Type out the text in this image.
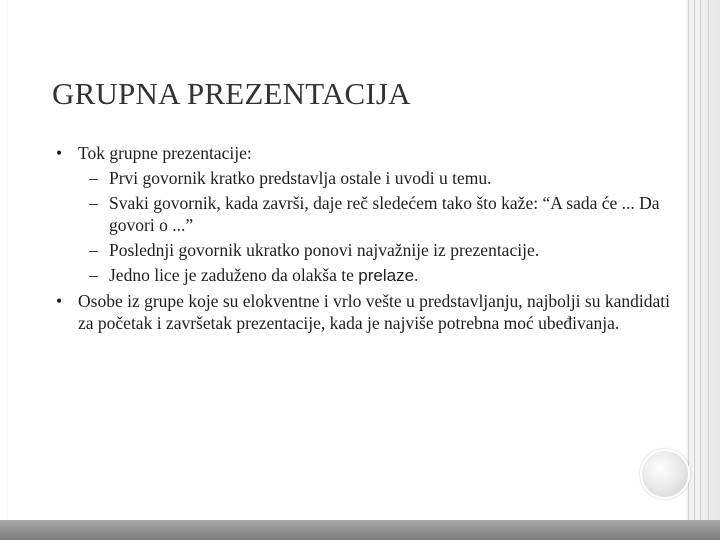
GRUPNA PREZENTACIJA
• Tok grupne prezentacije:
– Prvi govornik kratko predstavlja ostale i uvodi u temu.
– Svaki govornik, kada završi, daje reč sledećem tako što kaže: “A sada će ... Da govori o ...”
– Poslednji govornik ukratko ponovi najvažnije iz prezentacije.
– Jedno lice je zaduženo da olakša te prelaze.
• Osobe iz grupe koje su elokventne i vrlo vešte u predstavljanju, najbolji su kandidati za početak i završetak prezentacije, kada je najviše potrebna moć ubeđivanja.
